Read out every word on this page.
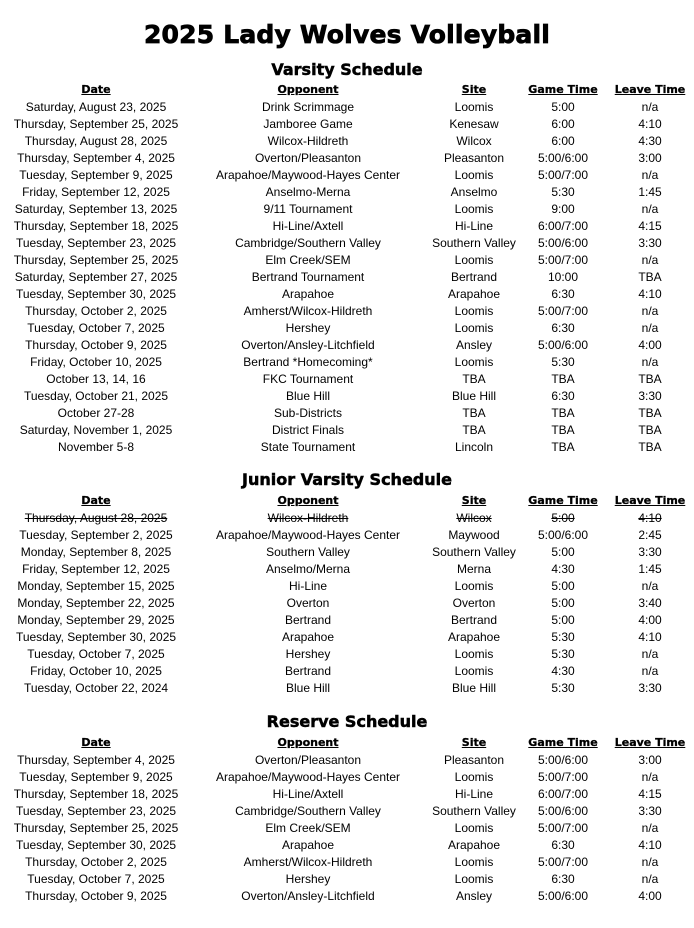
2025 Lady Wolves Volleyball
Varsity Schedule
Date	Opponent	Site	Game Time	Leave Time
Saturday, August 23, 2025	Drink Scrimmage	Loomis	5:00	n/a
Thursday, September 25, 2025	Jamboree Game	Kenesaw	6:00	4:10
Thursday, August 28, 2025	Wilcox-Hildreth	Wilcox	6:00	4:30
Thursday, September 4, 2025	Overton/Pleasanton	Pleasanton	5:00/6:00	3:00
Tuesday, September 9, 2025	Arapahoe/Maywood-Hayes Center	Loomis	5:00/7:00	n/a
Friday, September 12, 2025	Anselmo-Merna	Anselmo	5:30	1:45
Saturday, September 13, 2025	9/11 Tournament	Loomis	9:00	n/a
Thursday, September 18, 2025	Hi-Line/Axtell	Hi-Line	6:00/7:00	4:15
Tuesday, September 23, 2025	Cambridge/Southern Valley	Southern Valley	5:00/6:00	3:30
Thursday, September 25, 2025	Elm Creek/SEM	Loomis	5:00/7:00	n/a
Saturday, September 27, 2025	Bertrand Tournament	Bertrand	10:00	TBA
Tuesday, September 30, 2025	Arapahoe	Arapahoe	6:30	4:10
Thursday, October 2, 2025	Amherst/Wilcox-Hildreth	Loomis	5:00/7:00	n/a
Tuesday, October 7, 2025	Hershey	Loomis	6:30	n/a
Thursday, October 9, 2025	Overton/Ansley-Litchfield	Ansley	5:00/6:00	4:00
Friday, October 10, 2025	Bertrand *Homecoming*	Loomis	5:30	n/a
October 13, 14, 16	FKC Tournament	TBA	TBA	TBA
Tuesday, October 21, 2025	Blue Hill	Blue Hill	6:30	3:30
October 27-28	Sub-Districts	TBA	TBA	TBA
Saturday, November 1, 2025	District Finals	TBA	TBA	TBA
November 5-8	State Tournament	Lincoln	TBA	TBA
Junior Varsity Schedule
Date	Opponent	Site	Game Time	Leave Time
Thursday, August 28, 2025	Wilcox-Hildreth	Wilcox	5:00	4:10
Tuesday, September 2, 2025	Arapahoe/Maywood-Hayes Center	Maywood	5:00/6:00	2:45
Monday, September 8, 2025	Southern Valley	Southern Valley	5:00	3:30
Friday, September 12, 2025	Anselmo/Merna	Merna	4:30	1:45
Monday, September 15, 2025	Hi-Line	Loomis	5:00	n/a
Monday, September 22, 2025	Overton	Overton	5:00	3:40
Monday, September 29, 2025	Bertrand	Bertrand	5:00	4:00
Tuesday, September 30, 2025	Arapahoe	Arapahoe	5:30	4:10
Tuesday, October 7, 2025	Hershey	Loomis	5:30	n/a
Friday, October 10, 2025	Bertrand	Loomis	4:30	n/a
Tuesday, October 22, 2024	Blue Hill	Blue Hill	5:30	3:30
Reserve Schedule
Date	Opponent	Site	Game Time	Leave Time
Thursday, September 4, 2025	Overton/Pleasanton	Pleasanton	5:00/6:00	3:00
Tuesday, September 9, 2025	Arapahoe/Maywood-Hayes Center	Loomis	5:00/7:00	n/a
Thursday, September 18, 2025	Hi-Line/Axtell	Hi-Line	6:00/7:00	4:15
Tuesday, September 23, 2025	Cambridge/Southern Valley	Southern Valley	5:00/6:00	3:30
Thursday, September 25, 2025	Elm Creek/SEM	Loomis	5:00/7:00	n/a
Tuesday, September 30, 2025	Arapahoe	Arapahoe	6:30	4:10
Thursday, October 2, 2025	Amherst/Wilcox-Hildreth	Loomis	5:00/7:00	n/a
Tuesday, October 7, 2025	Hershey	Loomis	6:30	n/a
Thursday, October 9, 2025	Overton/Ansley-Litchfield	Ansley	5:00/6:00	4:00
